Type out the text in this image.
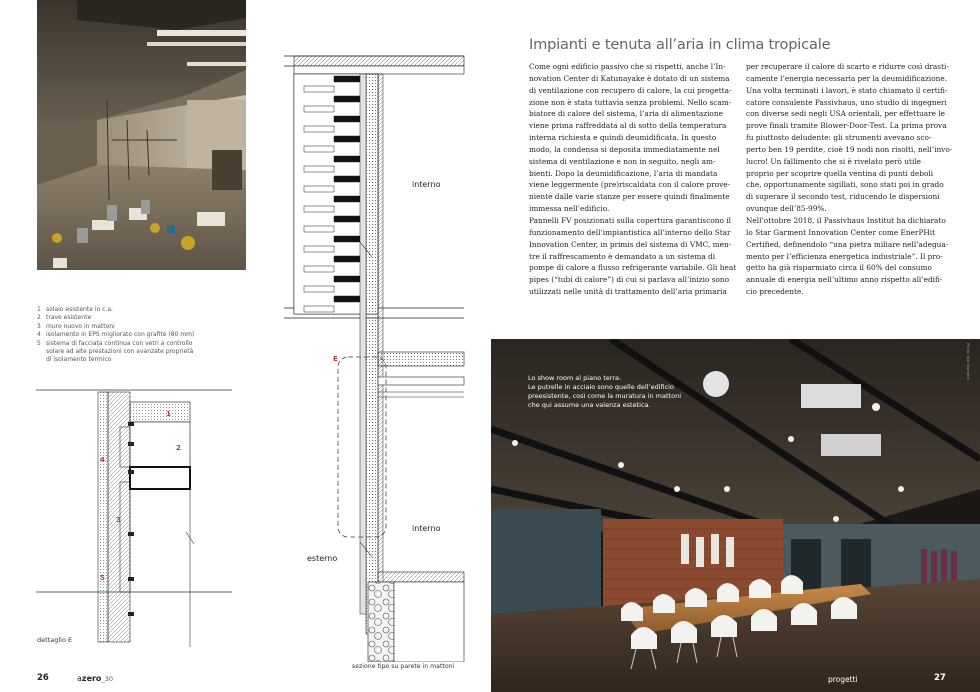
1 solaio esistente in c.a.
2 trave esistente
3 muro nuovo in mattoni
4 isolamento in EPS migliorato con grafite (80 mm)
5 sistema di facciata continua con vetri a controllo
solare ad alte prestazioni con avanzate proprietà
di isolamento termico
1
2
3
4
5
dettaglio E
interno
interno
esterno
E
sezione tipo su parete in mattoni
26	azero_30
Impianti e tenuta all’aria in clima tropicale
Come ogni edificio passivo che si rispetti, anche l’In-
novation Center di Katunayake è dotato di un sistema
di ventilazione con recupero di calore, la cui progetta-
zione non è stata tuttavia senza problemi. Nello scam-
biatore di calore del sistema, l’aria di alimentazione
viene prima raffreddata al di sotto della temperatura
interna richiesta e quindi deumidificata. In questo
modo, la condensa si deposita immediatamente nel
sistema di ventilazione e non in seguito, negli am-
bienti. Dopo la deumidificazione, l’aria di mandata
viene leggermente (pre)riscaldata con il calore prove-
niente dalle varie stanze per essere quindi finalmente
immessa nell’edificio.
Pannelli FV posizionati sulla copertura garantiscono il
funzionamento dell’impiantistica all’interno dello Star
Innovation Center, in primis del sistema di VMC, men-
tre il raffrescamento è demandato a un sistema di
pompe di calore a flusso refrigerante variabile. Gli heat
pipes (“tubi di calore”) di cui si parlava all’inizio sono
utilizzati nelle unità di trattamento dell’aria primaria
per recuperare il calore di scarto e ridurre così drasti-
camente l’energia necessaria per la deumidificazione.
Una volta terminati i lavori, è stato chiamato il certifi-
catore consulente Passivhaus, uno studio di ingegneri
con diverse sedi negli USA orientali, per effettuare le
prove finali tramite Blower-Door-Test. La prima prova
fu piuttosto deludente: gli strumenti avevano sco-
perto ben 19 perdite, cioè 19 nodi non risolti, nell’invo-
lucro! Un fallimento che si è rivelato però utile
proprio per scoprire quella ventina di punti deboli
che, opportunamente sigillati, sono stati poi in grado
di superare il secondo test, riducendo le dispersioni
ovunque dell’85-99%.
Nell’ottobre 2018, il Passivhaus Institut ha dichiarato
lo Star Garment Innovation Center come EnerPHit
Certified, definendolo “una pietra miliare nell’adegua-
mento per l’efficienza energetica industriale”. Il pro-
getto ha già risparmiato circa il 60% del consumo
annuale di energia nell’ultimo anno rispetto all’edifi-
cio precedente.
Lo show room al piano terra.
Le putrelle in acciaio sono quelle dell’edificio
preesistente, così come la muratura in mattoni
che qui assume una valenza estetica.
Photo: Star Garment
progetti	27
